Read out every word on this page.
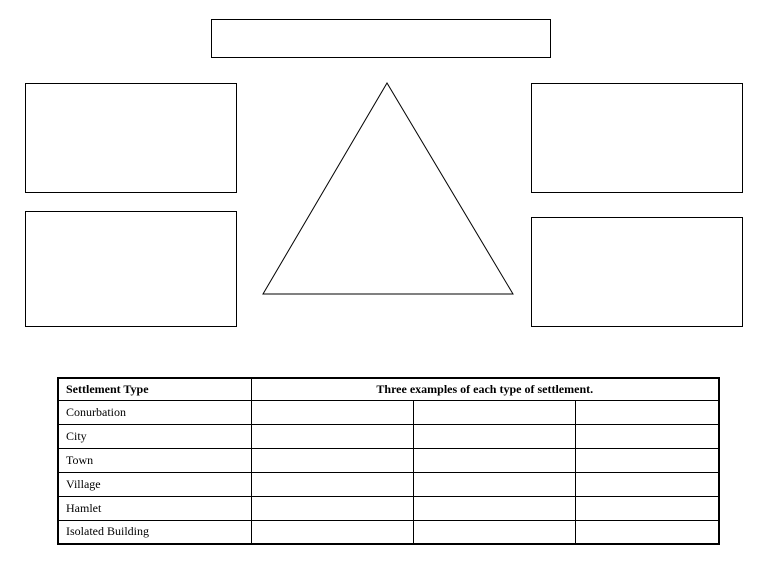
Settlement Type	Three examples of each type of settlement.		
Conurbation			
City			
Town			
Village			
Hamlet			
Isolated Building			
